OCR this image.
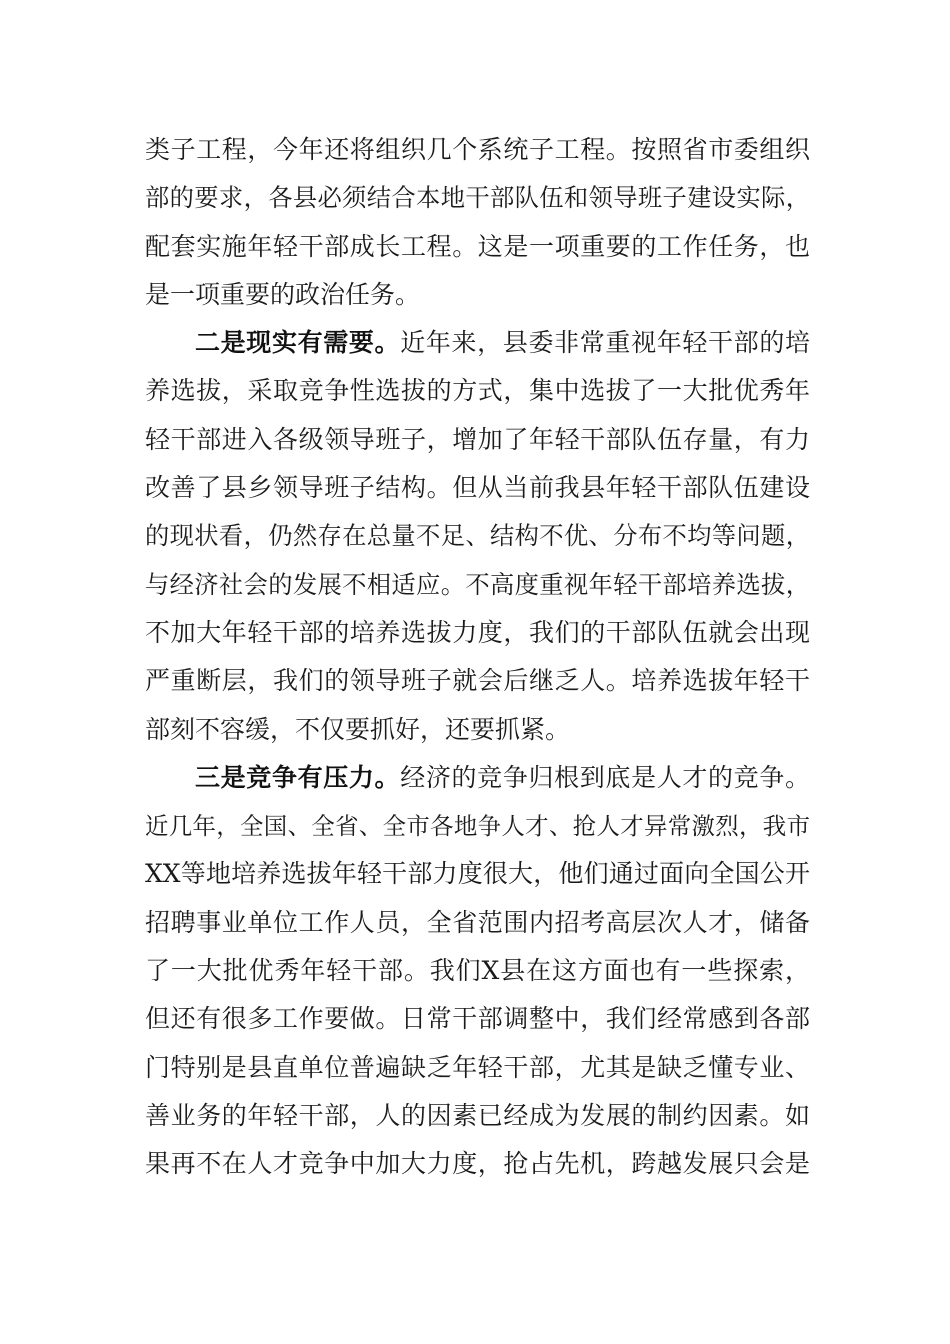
类子工程，今年还将组织几个系统子工程。按照省市委组织
部的要求，各县必须结合本地干部队伍和领导班子建设实际，
配套实施年轻干部成长工程。这是一项重要的工作任务，也
是一项重要的政治任务。
二是现实有需要。近年来，县委非常重视年轻干部的培
养选拔，采取竞争性选拔的方式，集中选拔了一大批优秀年
轻干部进入各级领导班子，增加了年轻干部队伍存量，有力
改善了县乡领导班子结构。但从当前我县年轻干部队伍建设
的现状看，仍然存在总量不足、结构不优、分布不均等问题，
与经济社会的发展不相适应。不高度重视年轻干部培养选拔，
不加大年轻干部的培养选拔力度，我们的干部队伍就会出现
严重断层，我们的领导班子就会后继乏人。培养选拔年轻干
部刻不容缓，不仅要抓好，还要抓紧。
三是竞争有压力。经济的竞争归根到底是人才的竞争。
近几年，全国、全省、全市各地争人才、抢人才异常激烈，我市
XX等地培养选拔年轻干部力度很大，他们通过面向全国公开
招聘事业单位工作人员，全省范围内招考高层次人才，储备
了一大批优秀年轻干部。我们X县在这方面也有一些探索，
但还有很多工作要做。日常干部调整中，我们经常感到各部
门特别是县直单位普遍缺乏年轻干部，尤其是缺乏懂专业、
善业务的年轻干部，人的因素已经成为发展的制约因素。如
果再不在人才竞争中加大力度，抢占先机，跨越发展只会是
